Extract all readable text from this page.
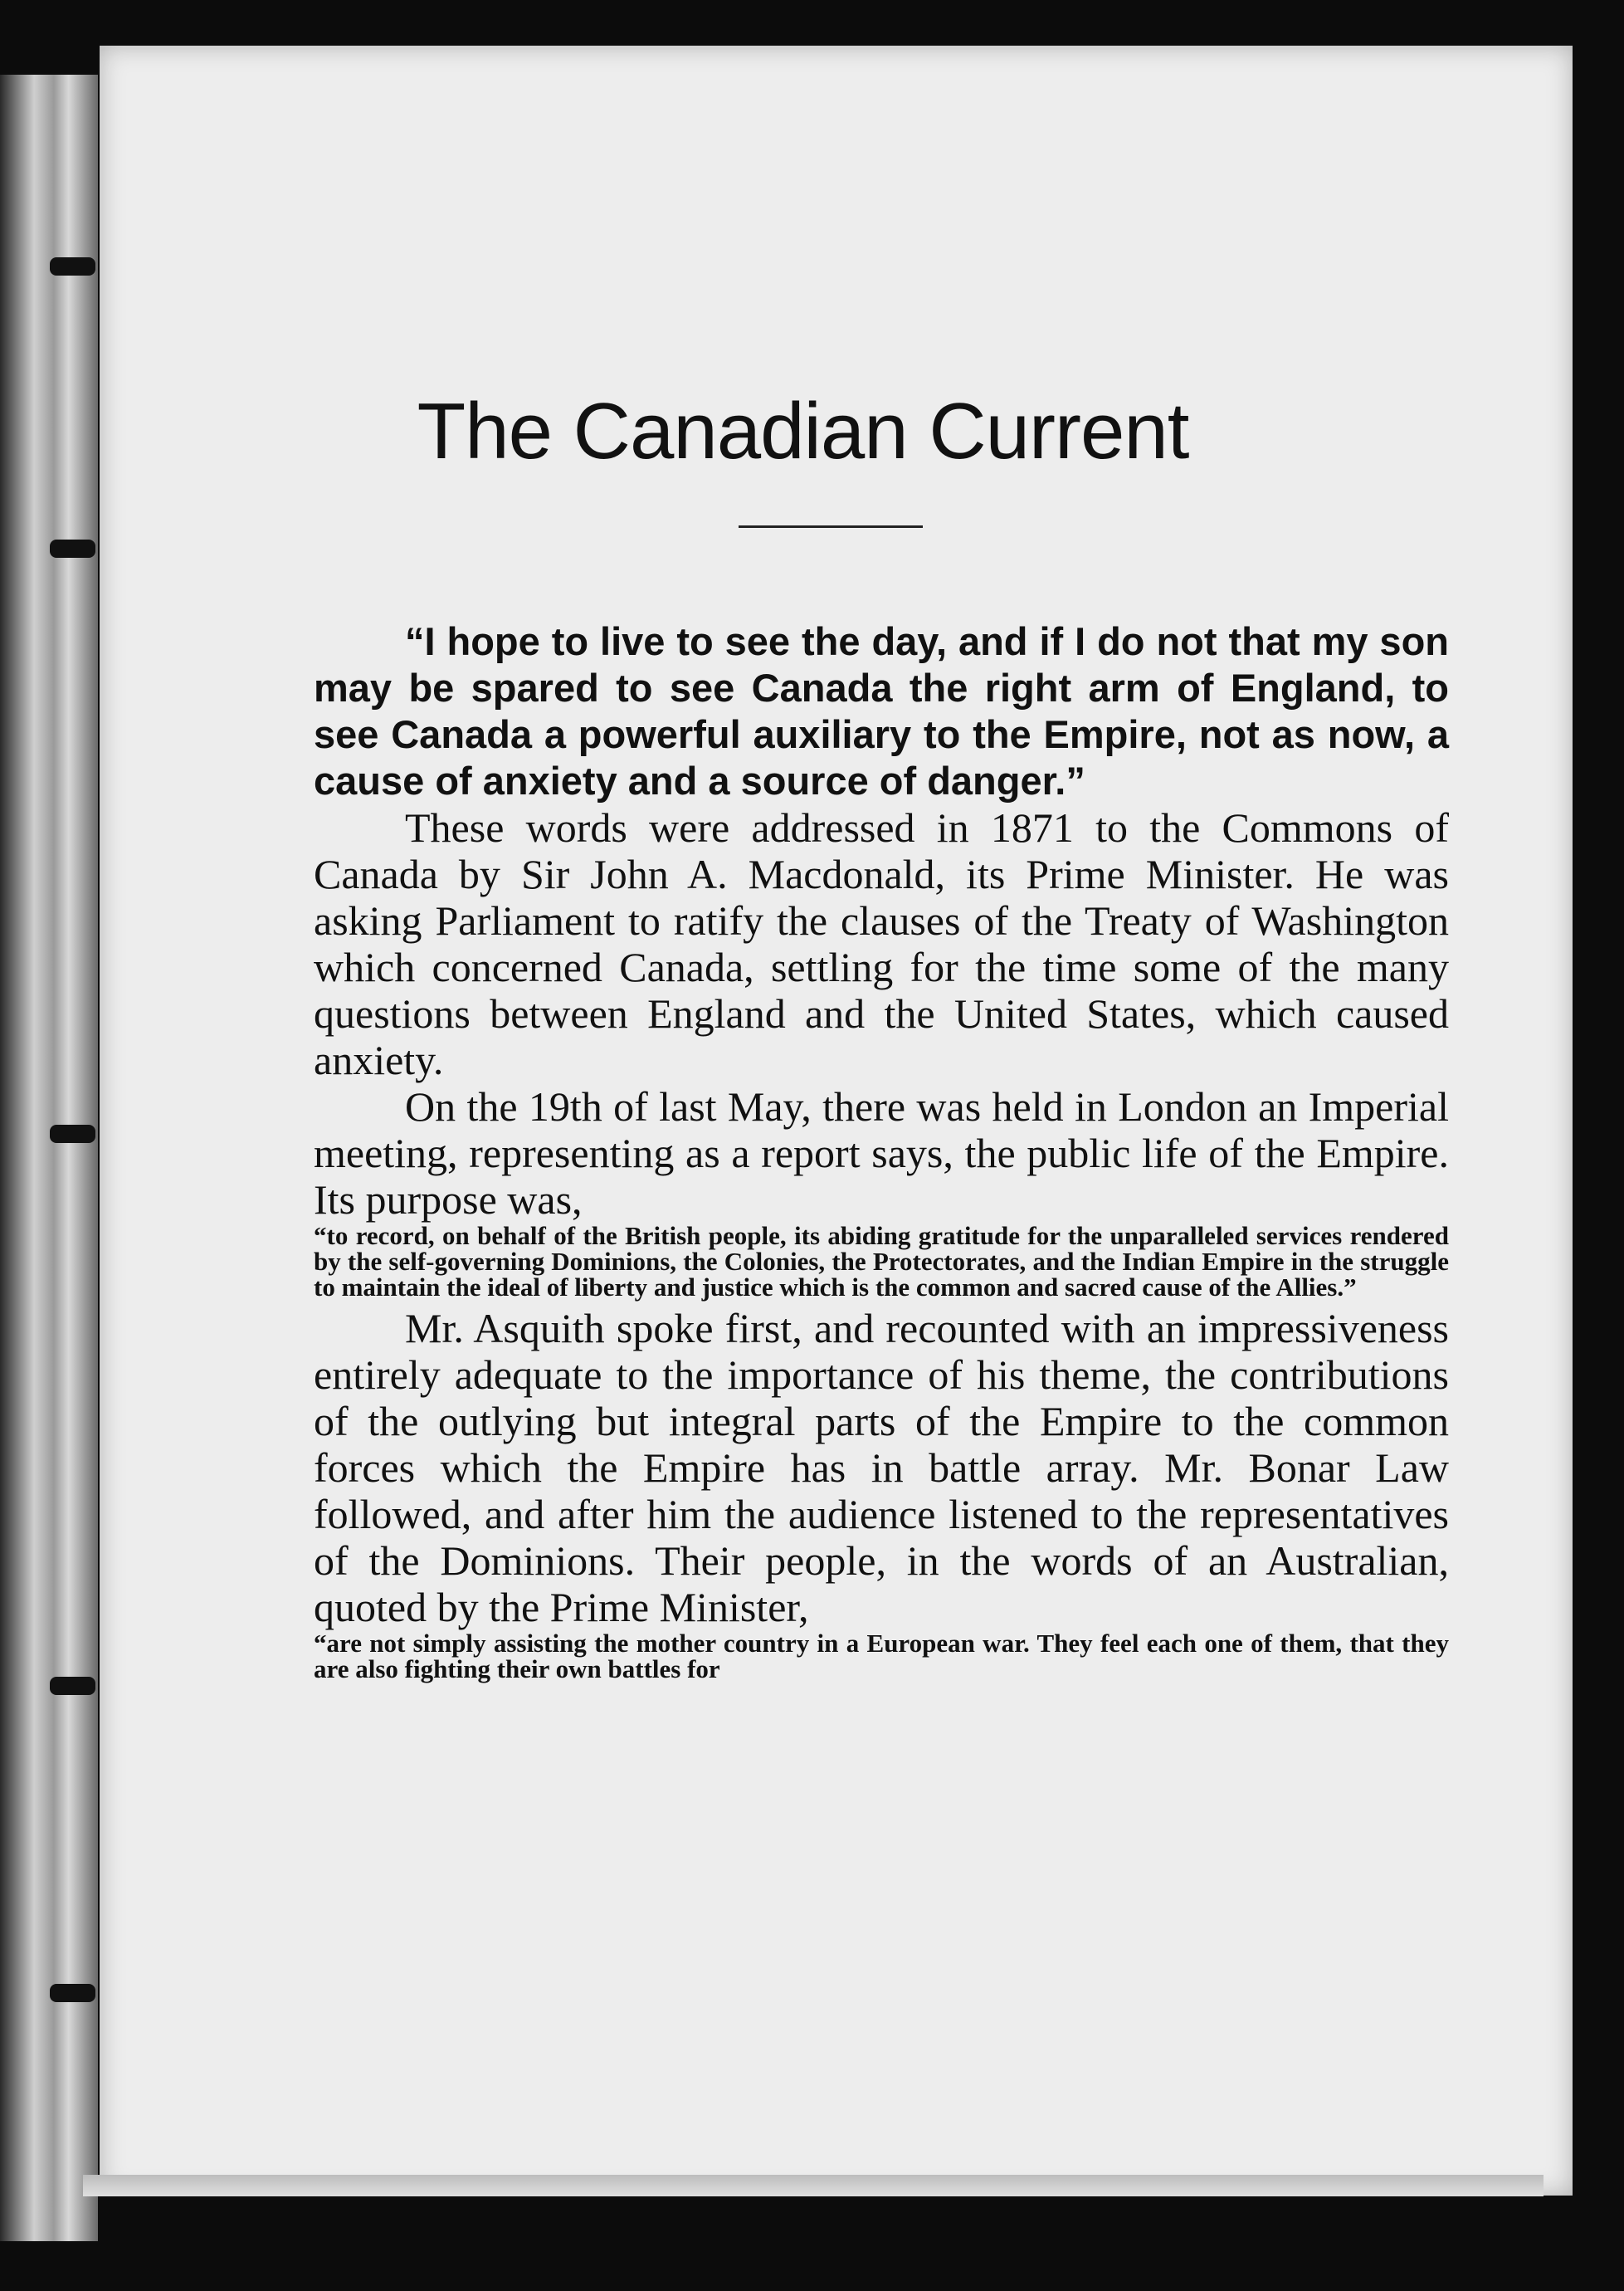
The Canadian Current

“I hope to live to see the day, and if I do not that my son may be spared to see Canada the right arm of England, to see Canada a powerful auxiliary to the Empire, not as now, a cause of anxiety and a source of danger.”

These words were addressed in 1871 to the Commons of Canada by Sir John A. Macdonald, its Prime Minister. He was asking Parliament to ratify the clauses of the Treaty of Washington which concerned Canada, settling for the time some of the many questions between England and the United States, which caused anxiety.

On the 19th of last May, there was held in London an Imperial meeting, representing as a report says, the public life of the Empire. Its purpose was,

“to record, on behalf of the British people, its abiding gratitude for the unparalleled services rendered by the self-governing Dominions, the Colonies, the Protectorates, and the Indian Empire in the struggle to maintain the ideal of liberty and justice which is the common and sacred cause of the Allies.”

Mr. Asquith spoke first, and recounted with an impressiveness entirely adequate to the importance of his theme, the contributions of the outlying but integral parts of the Empire to the common forces which the Empire has in battle array. Mr. Bonar Law followed, and after him the audience listened to the representatives of the Dominions. Their people, in the words of an Australian, quoted by the Prime Minister,

“are not simply assisting the mother country in a European war. They feel each one of them, that they are also fighting their own battles for
